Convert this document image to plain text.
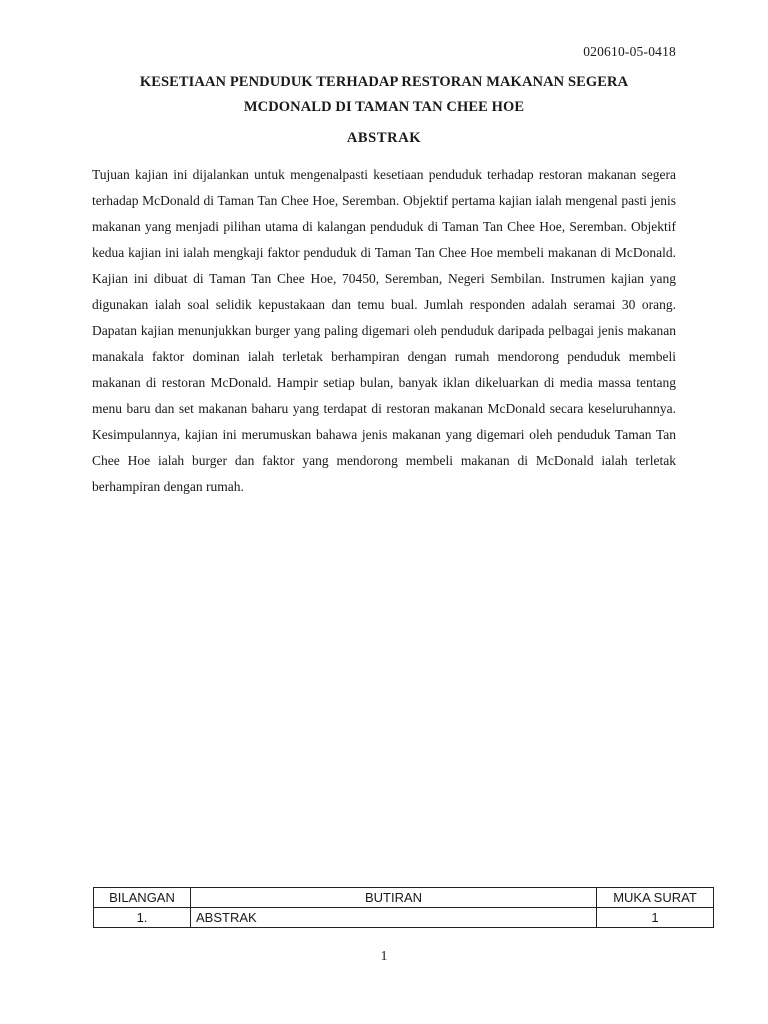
020610-05-0418
KESETIAAN PENDUDUK TERHADAP RESTORAN MAKANAN SEGERA
MCDONALD DI TAMAN TAN CHEE HOE
ABSTRAK

Tujuan kajian ini dijalankan untuk mengenalpasti kesetiaan penduduk terhadap restoran makanan segera terhadap McDonald di Taman Tan Chee Hoe, Seremban. Objektif pertama kajian ialah mengenal pasti jenis makanan yang menjadi pilihan utama di kalangan penduduk di Taman Tan Chee Hoe, Seremban. Objektif kedua kajian ini ialah mengkaji faktor penduduk di Taman Tan Chee Hoe membeli makanan di McDonald. Kajian ini dibuat di Taman Tan Chee Hoe, 70450, Seremban, Negeri Sembilan. Instrumen kajian yang digunakan ialah soal selidik kepustakaan dan temu bual. Jumlah responden adalah seramai 30 orang. Dapatan kajian menunjukkan burger yang paling digemari oleh penduduk daripada pelbagai jenis makanan manakala faktor dominan ialah terletak berhampiran dengan rumah mendorong penduduk membeli makanan di restoran McDonald. Hampir setiap bulan, banyak iklan dikeluarkan di media massa tentang menu baru dan set makanan baharu yang terdapat di restoran makanan McDonald secara keseluruhannya. Kesimpulannya, kajian ini merumuskan bahawa jenis makanan yang digemari oleh penduduk Taman Tan Chee Hoe ialah burger dan faktor yang mendorong membeli makanan di McDonald ialah terletak berhampiran dengan rumah.

BILANGAN	BUTIRAN	MUKA SURAT
1.	ABSTRAK	1
1
